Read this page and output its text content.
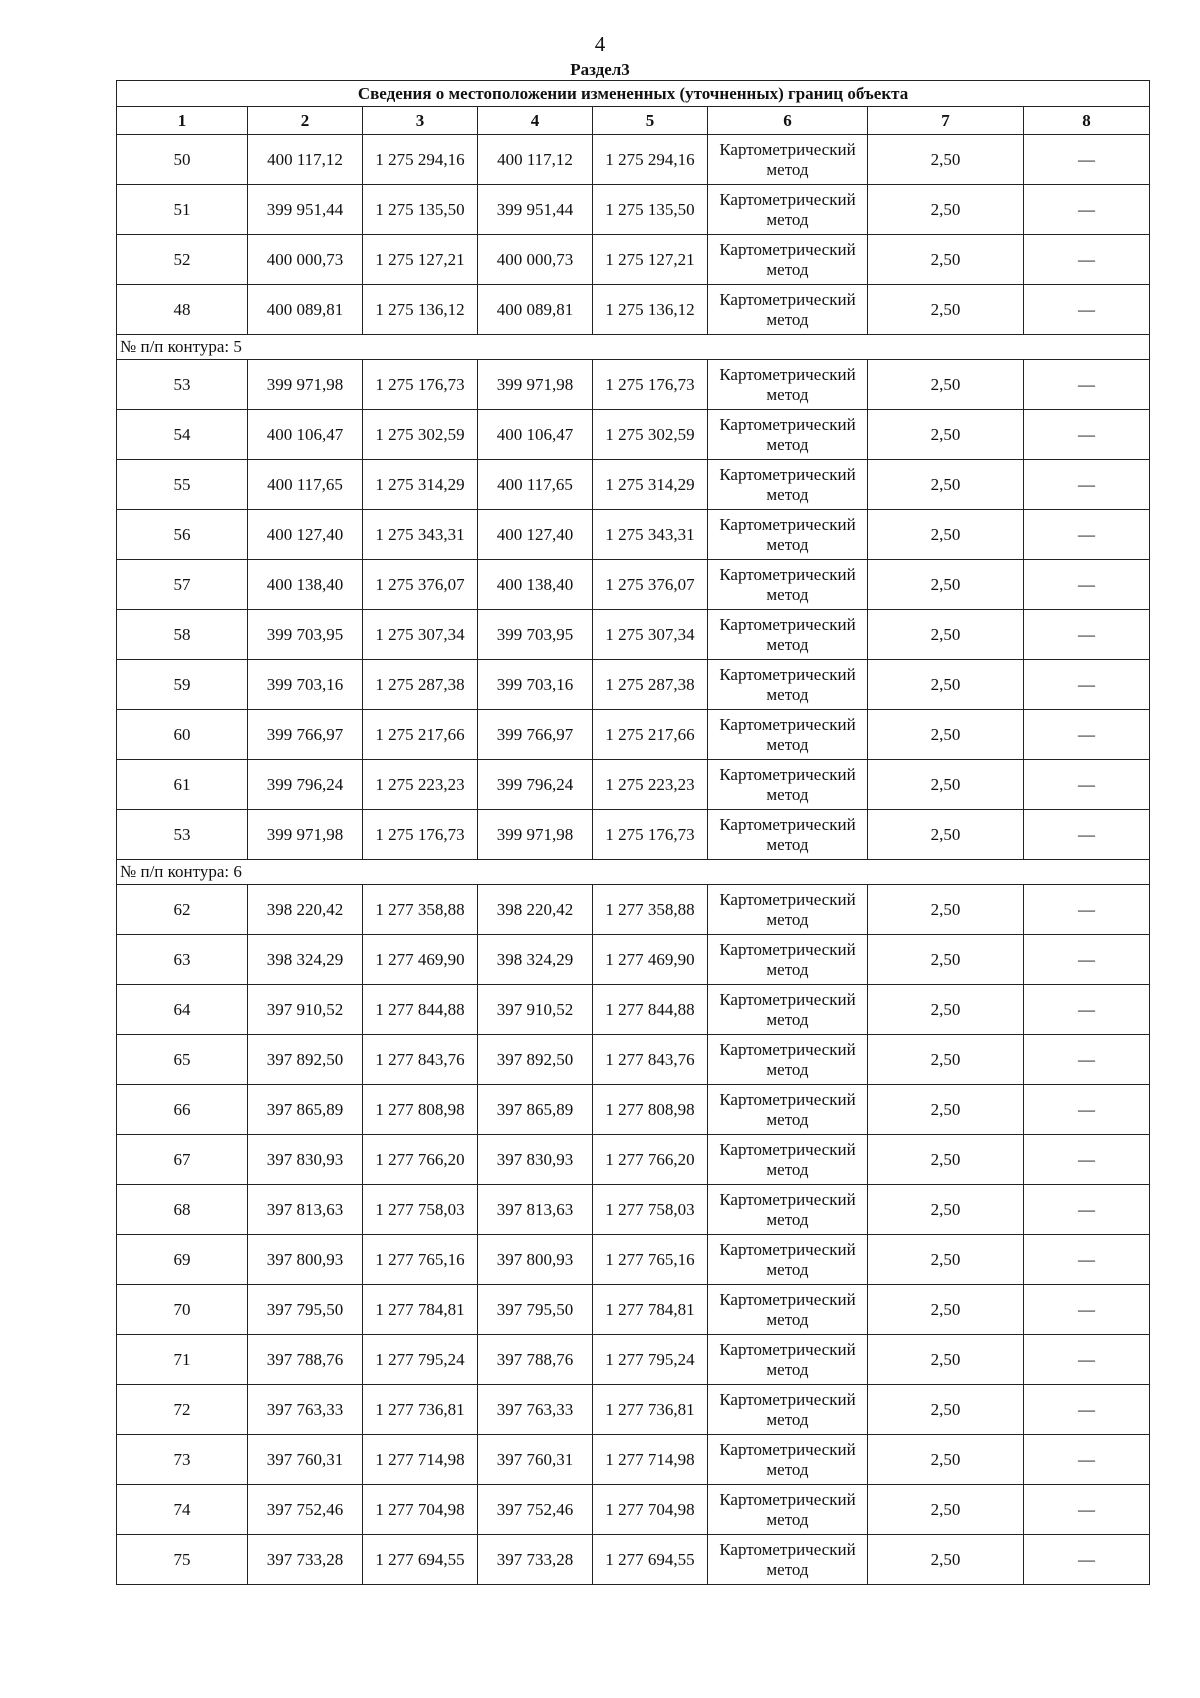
4
Раздел3
Сведения о местоположении измененных (уточненных) границ объекта							
1	2	3	4	5	6	7	8
50	400 117,12	1 275 294,16	400 117,12	1 275 294,16	Картометрический метод	2,50	—
51	399 951,44	1 275 135,50	399 951,44	1 275 135,50	Картометрический метод	2,50	—
52	400 000,73	1 275 127,21	400 000,73	1 275 127,21	Картометрический метод	2,50	—
48	400 089,81	1 275 136,12	400 089,81	1 275 136,12	Картометрический метод	2,50	—
№ п/п контура: 5							
53	399 971,98	1 275 176,73	399 971,98	1 275 176,73	Картометрический метод	2,50	—
54	400 106,47	1 275 302,59	400 106,47	1 275 302,59	Картометрический метод	2,50	—
55	400 117,65	1 275 314,29	400 117,65	1 275 314,29	Картометрический метод	2,50	—
56	400 127,40	1 275 343,31	400 127,40	1 275 343,31	Картометрический метод	2,50	—
57	400 138,40	1 275 376,07	400 138,40	1 275 376,07	Картометрический метод	2,50	—
58	399 703,95	1 275 307,34	399 703,95	1 275 307,34	Картометрический метод	2,50	—
59	399 703,16	1 275 287,38	399 703,16	1 275 287,38	Картометрический метод	2,50	—
60	399 766,97	1 275 217,66	399 766,97	1 275 217,66	Картометрический метод	2,50	—
61	399 796,24	1 275 223,23	399 796,24	1 275 223,23	Картометрический метод	2,50	—
53	399 971,98	1 275 176,73	399 971,98	1 275 176,73	Картометрический метод	2,50	—
№ п/п контура: 6							
62	398 220,42	1 277 358,88	398 220,42	1 277 358,88	Картометрический метод	2,50	—
63	398 324,29	1 277 469,90	398 324,29	1 277 469,90	Картометрический метод	2,50	—
64	397 910,52	1 277 844,88	397 910,52	1 277 844,88	Картометрический метод	2,50	—
65	397 892,50	1 277 843,76	397 892,50	1 277 843,76	Картометрический метод	2,50	—
66	397 865,89	1 277 808,98	397 865,89	1 277 808,98	Картометрический метод	2,50	—
67	397 830,93	1 277 766,20	397 830,93	1 277 766,20	Картометрический метод	2,50	—
68	397 813,63	1 277 758,03	397 813,63	1 277 758,03	Картометрический метод	2,50	—
69	397 800,93	1 277 765,16	397 800,93	1 277 765,16	Картометрический метод	2,50	—
70	397 795,50	1 277 784,81	397 795,50	1 277 784,81	Картометрический метод	2,50	—
71	397 788,76	1 277 795,24	397 788,76	1 277 795,24	Картометрический метод	2,50	—
72	397 763,33	1 277 736,81	397 763,33	1 277 736,81	Картометрический метод	2,50	—
73	397 760,31	1 277 714,98	397 760,31	1 277 714,98	Картометрический метод	2,50	—
74	397 752,46	1 277 704,98	397 752,46	1 277 704,98	Картометрический метод	2,50	—
75	397 733,28	1 277 694,55	397 733,28	1 277 694,55	Картометрический метод	2,50	—
